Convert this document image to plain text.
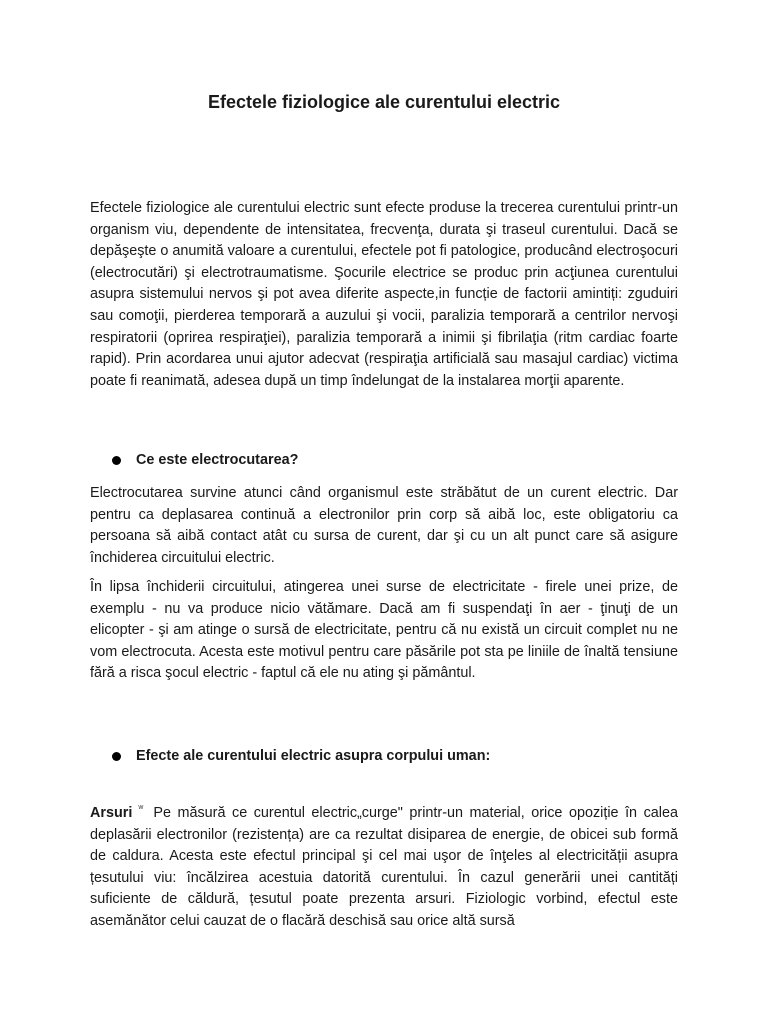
Efectele fiziologice ale curentului electric

Efectele fiziologice ale curentului electric sunt efecte produse la trecerea curentului printr-un organism viu, dependente de intensitatea, frecvenţa, durata şi traseul curentului. Dacă se depăşeşte o anumită valoare a curentului, efectele pot fi patologice, producând electroşocuri (electrocutări) şi electrotraumatisme. Şocurile electrice se produc prin acţiunea curentului asupra sistemului nervos şi pot avea diferite aspecte,in funcție de factorii amintiți: zguduiri sau comoţii, pierderea temporară a auzului şi vocii, paralizia temporară a centrilor nervoşi respiratorii (oprirea respiraţiei), paralizia temporară a inimii şi fibrilaţia (ritm cardiac foarte rapid). Prin acordarea unui ajutor adecvat (respiraţia artificială sau masajul cardiac) victima poate fi reanimată, adesea după un timp îndelungat de la instalarea morţii aparente.

Ce este electrocutarea?

Electrocutarea survine atunci când organismul este străbătut de un curent electric. Dar pentru ca deplasarea continuă a electronilor prin corp să aibă loc, este obligatoriu ca persoana să aibă contact atât cu sursa de curent, dar şi cu un alt punct care să asigure închiderea circuitului electric.

În lipsa închiderii circuitului, atingerea unei surse de electricitate - firele unei prize, de exemplu - nu va produce nicio vătămare. Dacă am fi suspendaţi în aer - ţinuţi de un elicopter - şi am atinge o sursă de electricitate, pentru că nu există un circuit complet nu ne vom electrocuta. Acesta este motivul pentru care păsările pot sta pe liniile de înaltă tensiune fără a risca şocul electric - faptul că ele nu ating şi pământul.

Efecte ale curentului electric asupra corpului uman:

Arsuri ᵂ Pe măsură ce curentul electric„curge" printr-un material, orice opoziție în calea deplasării electronilor (rezistența) are ca rezultat disiparea de energie, de obicei sub formă de caldura. Acesta este efectul principal şi cel mai uşor de înţeles al electricității asupra țesutului viu: încălzirea acestuia datorită curentului. În cazul generării unei cantități suficiente de căldură, țesutul poate prezenta arsuri. Fiziologic vorbind, efectul este asemănător celui cauzat de o flacără deschisă sau orice altă sursă
